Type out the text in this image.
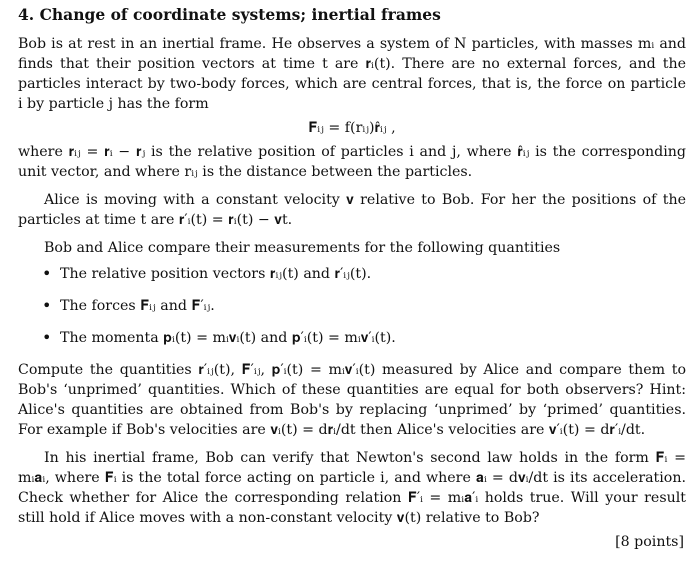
4. Change of coordinate systems; inertial frames

Bob is at rest in an inertial frame. He observes a system of N particles, with masses mᵢ and finds that their position vectors at time t are 𝐫ᵢ(t). There are no external forces, and the particles interact by two-body forces, which are central forces, that is, the force on particle i by particle j has the form

𝐅ᵢⱼ = f(rᵢⱼ)𝐫̂ᵢⱼ ,

where 𝐫ᵢⱼ = 𝐫ᵢ − 𝐫ⱼ is the relative position of particles i and j, where 𝐫̂ᵢⱼ is the corresponding unit vector, and where rᵢⱼ is the distance between the particles.

Alice is moving with a constant velocity 𝐯 relative to Bob. For her the positions of the particles at time t are 𝐫′ᵢ(t) = 𝐫ᵢ(t) − 𝐯t.

Bob and Alice compare their measurements for the following quantities

• The relative position vectors 𝐫ᵢⱼ(t) and 𝐫′ᵢⱼ(t).
• The forces 𝐅ᵢⱼ and 𝐅′ᵢⱼ.
• The momenta 𝐩ᵢ(t) = mᵢ𝐯ᵢ(t) and 𝐩′ᵢ(t) = mᵢ𝐯′ᵢ(t).

Compute the quantities 𝐫′ᵢⱼ(t), 𝐅′ᵢⱼ, 𝐩′ᵢ(t) = mᵢ𝐯′ᵢ(t) measured by Alice and compare them to Bob's ‘unprimed’ quantities. Which of these quantities are equal for both observers? Hint: Alice's quantities are obtained from Bob's by replacing ‘unprimed’ by ‘primed’ quantities. For example if Bob's velocities are 𝐯ᵢ(t) = d𝐫ᵢ/dt then Alice's velocities are 𝐯′ᵢ(t) = d𝐫′ᵢ/dt.

In his inertial frame, Bob can verify that Newton's second law holds in the form 𝐅ᵢ = mᵢ𝐚ᵢ, where 𝐅ᵢ is the total force acting on particle i, and where 𝐚ᵢ = d𝐯ᵢ/dt is its acceleration. Check whether for Alice the corresponding relation 𝐅′ᵢ = mᵢ𝐚′ᵢ holds true. Will your result still hold if Alice moves with a non-constant velocity 𝐯(t) relative to Bob?

[8 points]
